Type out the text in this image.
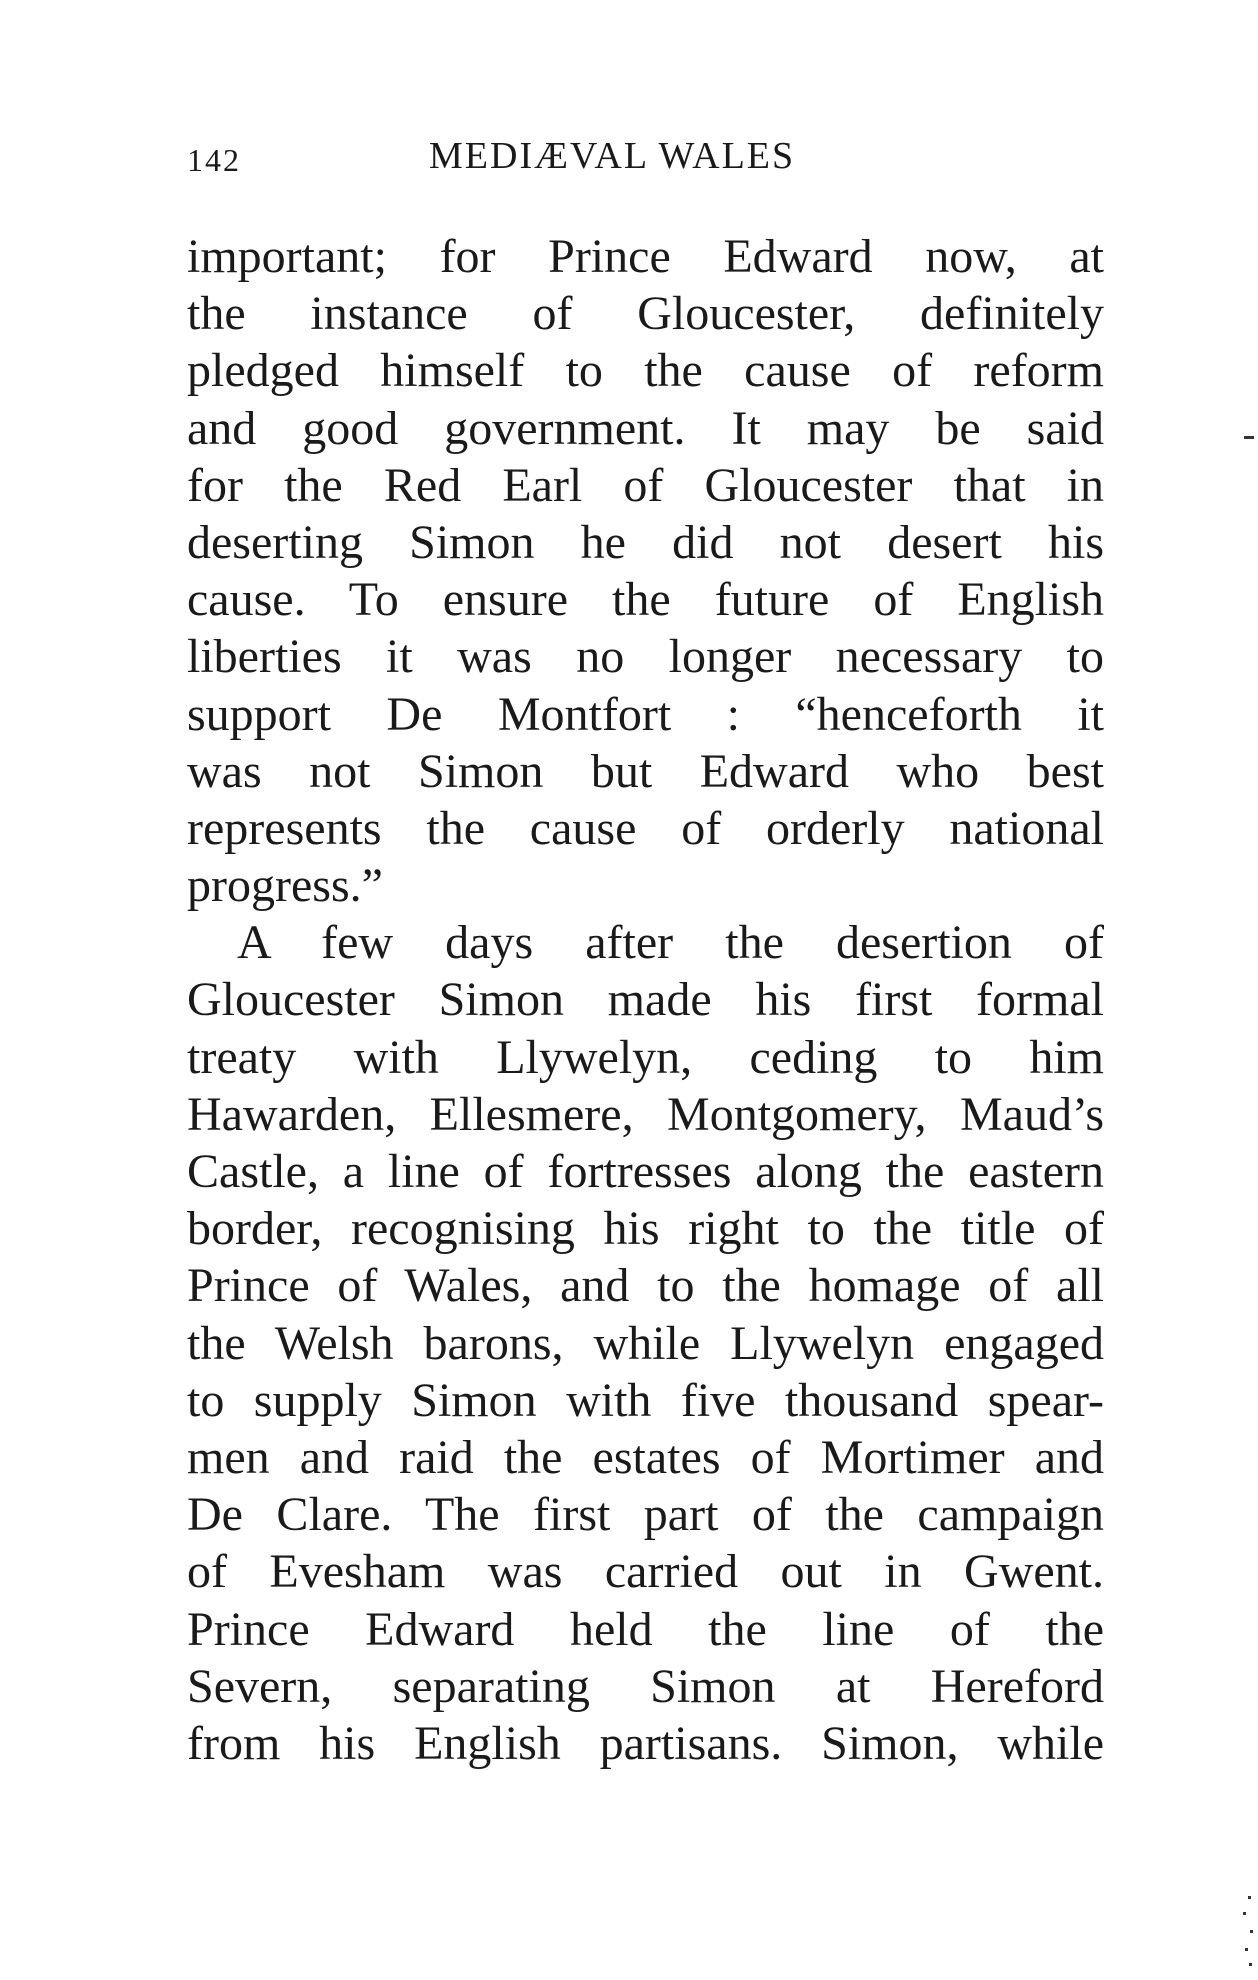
142	MEDIÆVAL WALES
important; for Prince Edward now, at
the instance of Gloucester, definitely
pledged himself to the cause of reform
and good government. It may be said
for the Red Earl of Gloucester that in
deserting Simon he did not desert his
cause. To ensure the future of English
liberties it was no longer necessary to
support De Montfort : “henceforth it
was not Simon but Edward who best
represents the cause of orderly national
progress.”
A few days after the desertion of
Gloucester Simon made his first formal
treaty with Llywelyn, ceding to him
Hawarden, Ellesmere, Montgomery, Maud’s
Castle, a line of fortresses along the eastern
border, recognising his right to the title of
Prince of Wales, and to the homage of all
the Welsh barons, while Llywelyn engaged
to supply Simon with five thousand spear-
men and raid the estates of Mortimer and
De Clare. The first part of the campaign
of Evesham was carried out in Gwent.
Prince Edward held the line of the
Severn, separating Simon at Hereford
from his English partisans. Simon, while
